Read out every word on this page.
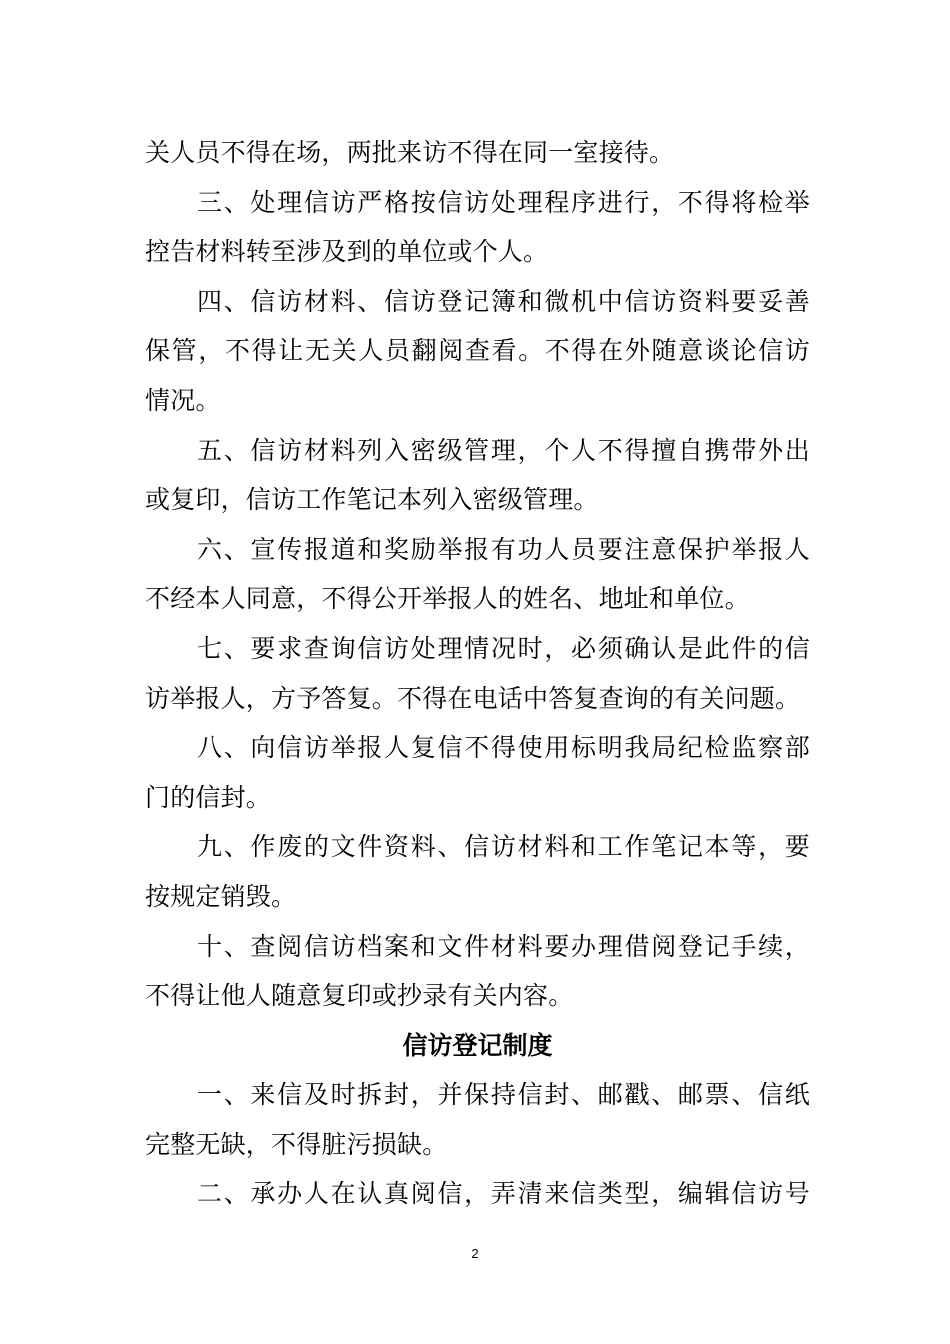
关人员不得在场，两批来访不得在同一室接待。
三、处理信访严格按信访处理程序进行，不得将检举
控告材料转至涉及到的单位或个人。
四、信访材料、信访登记簿和微机中信访资料要妥善
保管，不得让无关人员翻阅查看。不得在外随意谈论信访
情况。
五、信访材料列入密级管理，个人不得擅自携带外出
或复印，信访工作笔记本列入密级管理。
六、宣传报道和奖励举报有功人员要注意保护举报人
不经本人同意，不得公开举报人的姓名、地址和单位。
七、要求查询信访处理情况时，必须确认是此件的信
访举报人，方予答复。不得在电话中答复查询的有关问题。
八、向信访举报人复信不得使用标明我局纪检监察部
门的信封。
九、作废的文件资料、信访材料和工作笔记本等，要
按规定销毁。
十、查阅信访档案和文件材料要办理借阅登记手续，
不得让他人随意复印或抄录有关内容。
信访登记制度
一、来信及时拆封，并保持信封、邮戳、邮票、信纸
完整无缺，不得脏污损缺。
二、承办人在认真阅信，弄清来信类型，编辑信访号
2
